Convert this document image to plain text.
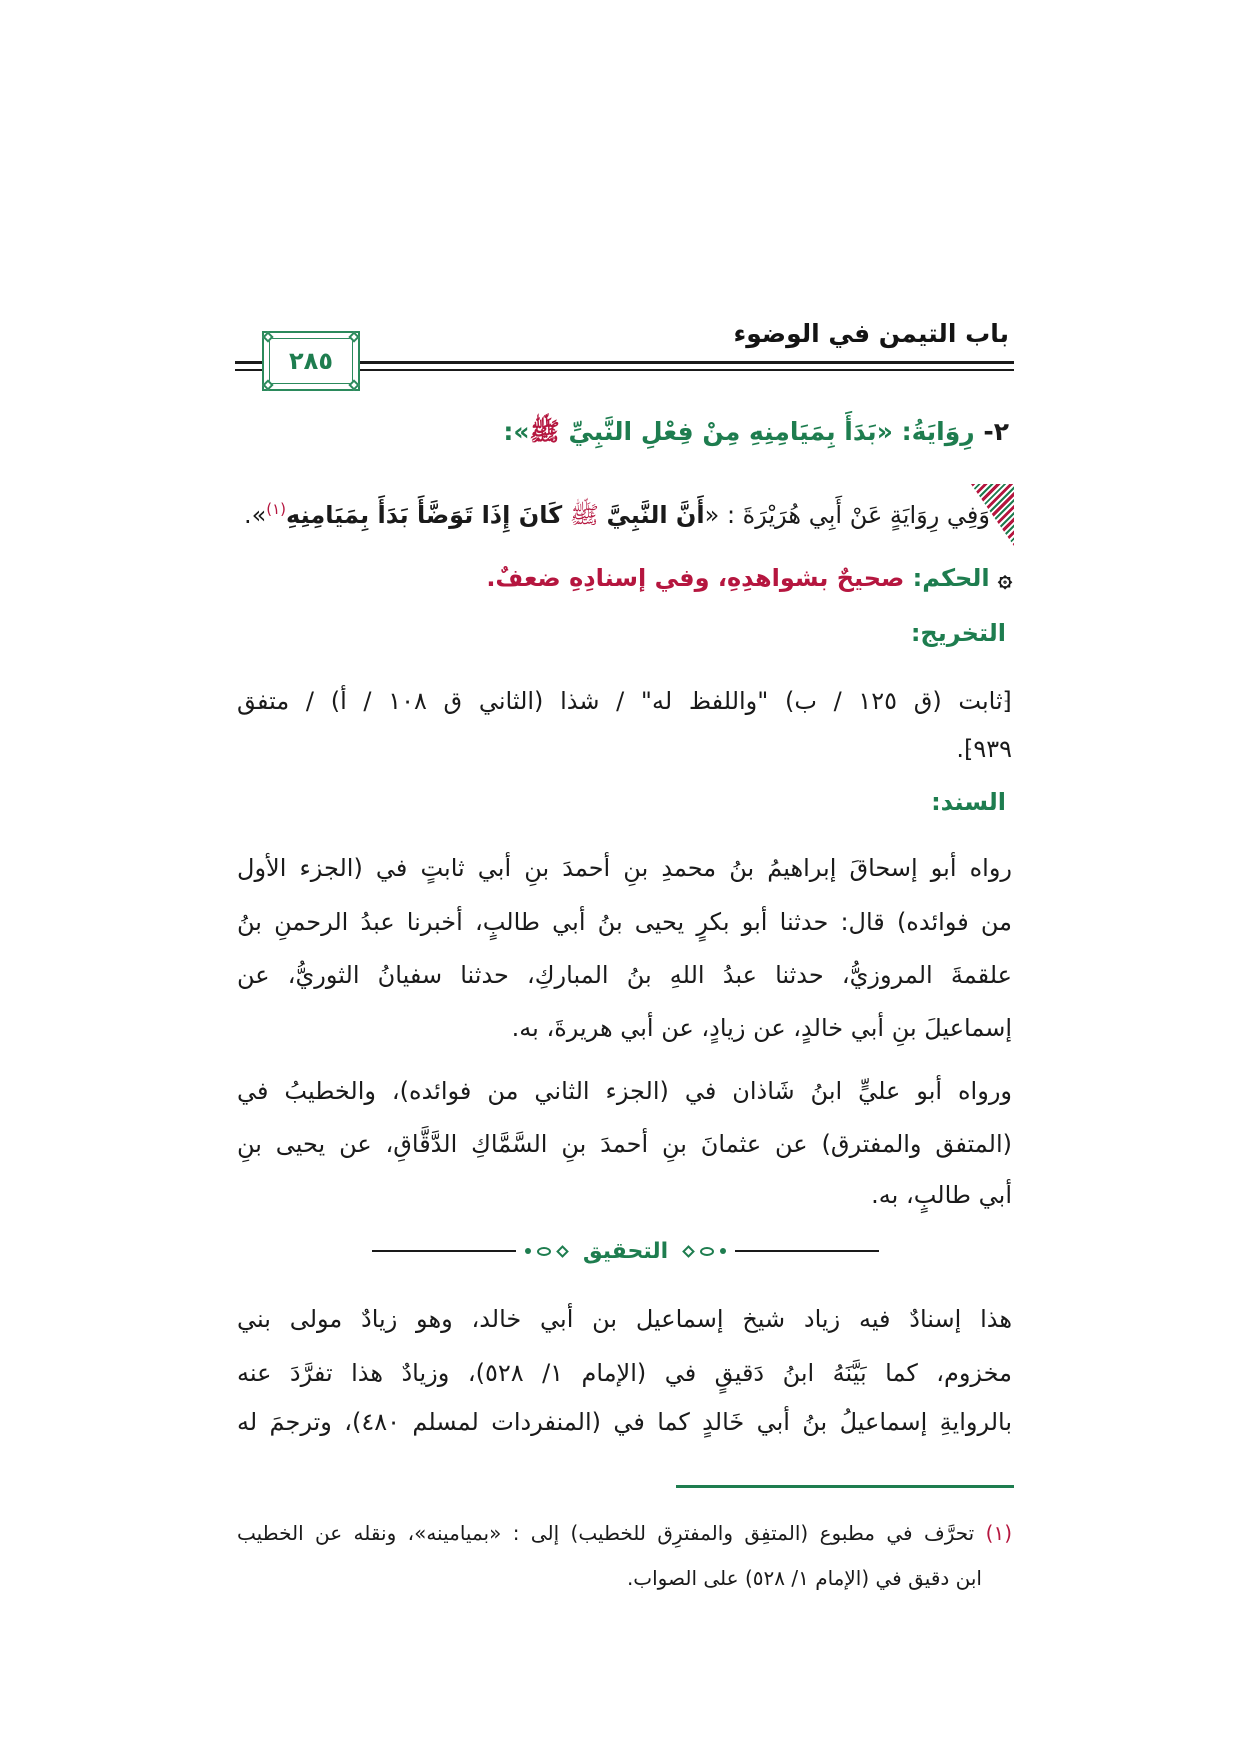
باب التيمن في الوضوء
٢٨٥
٢- رِوَايَةُ: «بَدَأَ بِمَيَامِنِهِ مِنْ فِعْلِ النَّبِيِّ ﷺ»:
وَفِي رِوَايَةٍ عَنْ أَبِي هُرَيْرَةَ : «أَنَّ النَّبِيَّ ﷺ كَانَ إِذَا تَوَضَّأَ بَدَأَ بِمَيَامِنِهِ$^{(١)}$».
۞ الحكم: صحيحٌ بشواهدِهِ، وفي إسنادِهِ ضعفٌ.
التخريج:
⁅ثابت (ق ١٢٥ / ب) "واللفظ له" / شذا (الثاني ق ١٠٨ / أ) / متفق
٩٣٩⁆.
السند:
رواه أبو إسحاقَ إبراهيمُ بنُ محمدِ بنِ أحمدَ بنِ أبي ثابتٍ في (الجزء الأول
من فوائده) قال: حدثنا أبو بكرٍ يحيى بنُ أبي طالبٍ، أخبرنا عبدُ الرحمنِ بنُ
علقمةَ المروزيُّ، حدثنا عبدُ اللهِ بنُ المباركِ، حدثنا سفيانُ الثوريُّ، عن
إسماعيلَ بنِ أبي خالدٍ، عن زيادٍ، عن أبي هريرةَ، به.
ورواه أبو عليٍّ ابنُ شَاذان في (الجزء الثاني من فوائده)، والخطيبُ في
(المتفق والمفترق) عن عثمانَ بنِ أحمدَ بنِ السَّمَّاكِ الدَّقَّاقِ، عن يحيى بنِ
أبي طالبٍ، به.
التحقيق
هذا إسنادٌ فيه زياد شيخ إسماعيل بن أبي خالد، وهو زيادٌ مولى بني
مخزوم، كما بَيَّنَهُ ابنُ دَقيقٍ في (الإمام ١/ ٥٢٨)، وزيادٌ هذا تفرَّدَ عنه
بالروايةِ إسماعيلُ بنُ أبي خَالدٍ كما في (المنفردات لمسلم ٤٨٠)، وترجمَ له
(١) تحرَّف في مطبوع (المتفِق والمفترِق للخطيب) إلى : «بميامينه»، ونقله عن الخطيب
ابن دقيق في (الإمام ١/ ٥٢٨) على الصواب.
